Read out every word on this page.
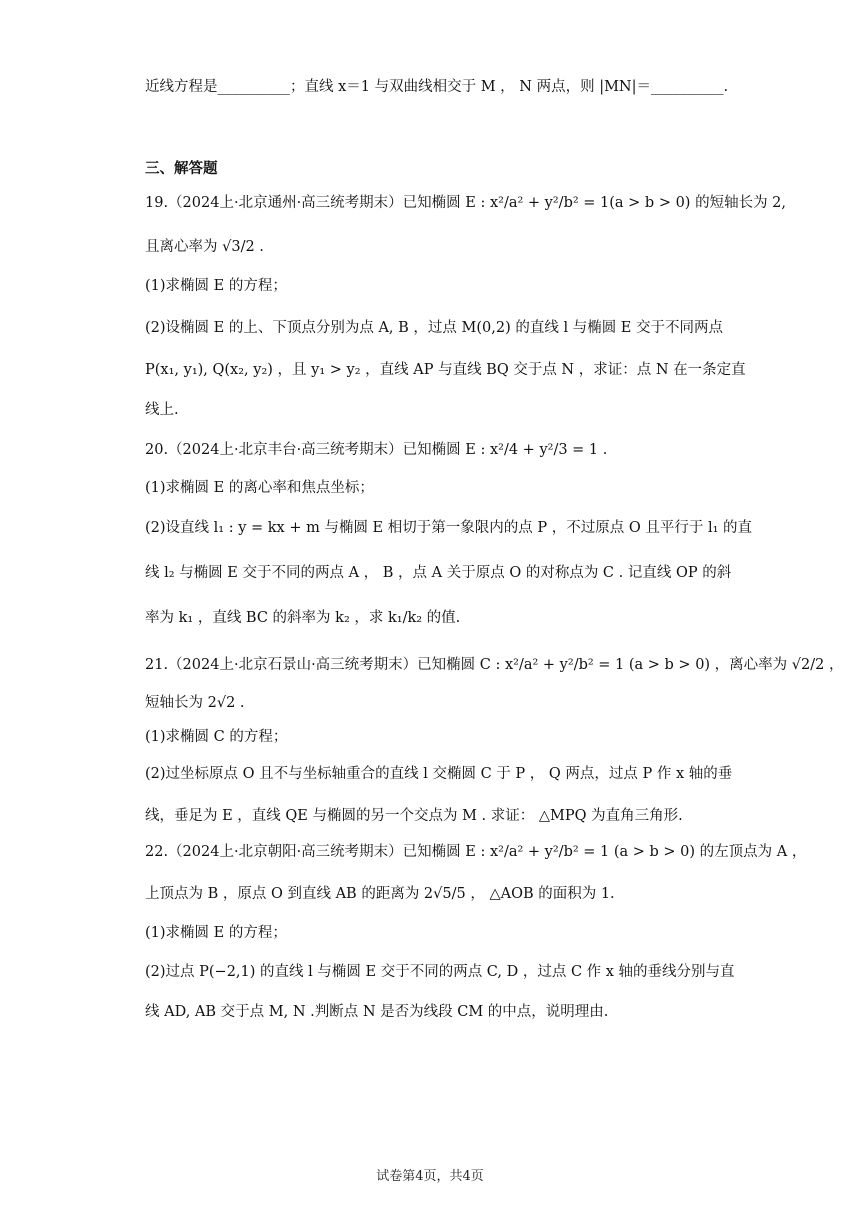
近线方程是__________；直线 x＝1 与双曲线相交于 M ， N 两点，则 |MN|＝__________.
三、解答题
19.（2024上·北京通州·高三统考期末）已知椭圆 E : x²/a² + y²/b² = 1(a > b > 0) 的短轴长为 2,
且离心率为 √3/2 .
(1)求椭圆 E 的方程；
(2)设椭圆 E 的上、下顶点分别为点 A, B ，过点 M(0,2) 的直线 l 与椭圆 E 交于不同两点
P(x₁, y₁), Q(x₂, y₂) ，且 y₁ > y₂ ，直线 AP 与直线 BQ 交于点 N ，求证：点 N 在一条定直
线上.
20.（2024上·北京丰台·高三统考期末）已知椭圆 E : x²/4 + y²/3 = 1 .
(1)求椭圆 E 的离心率和焦点坐标；
(2)设直线 l₁ : y = kx + m 与椭圆 E 相切于第一象限内的点 P ，不过原点 O 且平行于 l₁ 的直
线 l₂ 与椭圆 E 交于不同的两点 A ， B ，点 A 关于原点 O 的对称点为 C . 记直线 OP 的斜
率为 k₁ ，直线 BC 的斜率为 k₂ ，求 k₁/k₂ 的值.
21.（2024上·北京石景山·高三统考期末）已知椭圆 C : x²/a² + y²/b² = 1 (a > b > 0) ，离心率为 √2/2 ，
短轴长为 2√2 .
(1)求椭圆 C 的方程；
(2)过坐标原点 O 且不与坐标轴重合的直线 l 交椭圆 C 于 P ， Q 两点，过点 P 作 x 轴的垂
线，垂足为 E ，直线 QE 与椭圆的另一个交点为 M . 求证： △MPQ 为直角三角形.
22.（2024上·北京朝阳·高三统考期末）已知椭圆 E : x²/a² + y²/b² = 1 (a > b > 0) 的左顶点为 A ，
上顶点为 B ，原点 O 到直线 AB 的距离为 2√5/5 ， △AOB 的面积为 1.
(1)求椭圆 E 的方程；
(2)过点 P(−2,1) 的直线 l 与椭圆 E 交于不同的两点 C, D ，过点 C 作 x 轴的垂线分别与直
线 AD, AB 交于点 M, N .判断点 N 是否为线段 CM 的中点，说明理由.
试卷第4页，共4页
